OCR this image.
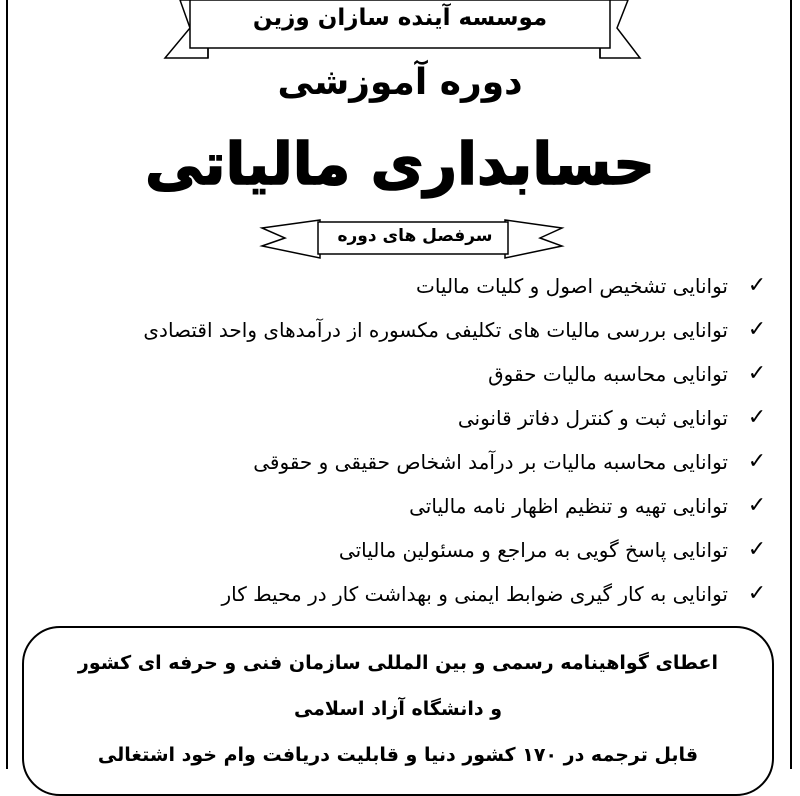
موسسه آینده سازان وزین
دوره آموزشی
حسابداری مالیاتی
سرفصل های دوره
✓
توانایی تشخیص اصول و کلیات مالیات
✓
توانایی بررسی مالیات های تکلیفی مکسوره از درآمدهای واحد اقتصادی
✓
توانایی محاسبه مالیات حقوق
✓
توانایی ثبت و کنترل دفاتر قانونی
✓
توانایی محاسبه مالیات بر درآمد اشخاص حقیقی و حقوقی
✓
توانایی تهیه و تنظیم اظهار نامه مالیاتی
✓
توانایی پاسخ گویی به مراجع و مسئولین مالیاتی
✓
توانایی به کار گیری ضوابط ایمنی و بهداشت کار در محیط کار
اعطای گواهینامه رسمی و بین المللی سازمان فنی و حرفه ای کشور
و دانشگاه آزاد اسلامی
قابل ترجمه در ۱۷۰ کشور دنیا و قابلیت دریافت وام خود اشتغالی
